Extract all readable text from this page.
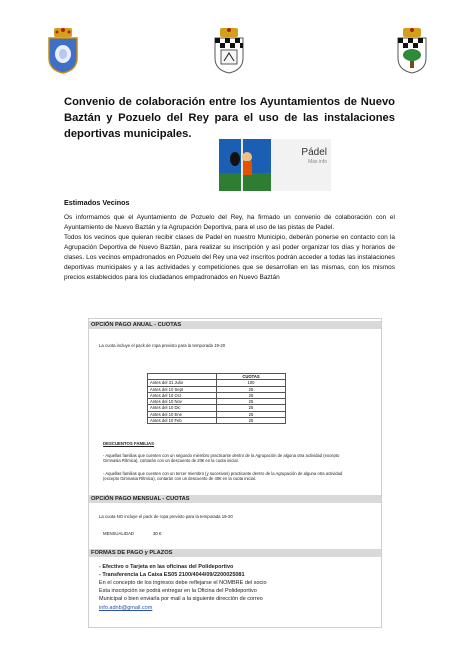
Convenio de colaboración entre los Ayuntamientos de Nuevo Baztán y Pozuelo del Rey para el uso de las instalaciones deportivas municipales.
Pádel
Más info
Estimados Vecinos

Os informamos que el Ayuntamiento de Pozuelo del Rey, ha firmado un convenio de colaboración con el Ayuntamiento de Nuevo Baztán y la Agrupación Deportiva, para el uso de las pistas de Padel.

Todos los vecinos que quieran recibir clases de Padel en nuestro Municipio, deberán ponerse en contacto con la Agrupación Deportiva de Nuevo Baztán, para realizar su inscripción y así poder organizar los días y horarios de clases. Los vecinos empadronados en Pozuelo del Rey una vez inscritos podrán acceder a todas las instalaciones deportivas municipales y a las actividades y competiciones que se desarrollan en las mismas, con los mismos precios establecidos para los ciudadanos empadronados en Nuevo Baztán

OPCIÓN PAGO ANUAL - CUOTAS
La cuota incluye el pack de ropa previsto para la temporada 19-20
	CUOTAS
Antes del 31 Julio	100
Antes del 10 Sept	25
Antes del 10 Oct	25
Antes del 10 Nov	25
Antes del 10 Dic	25
Antes del 10 Ene	25
Antes del 10 Feb	25
DESCUENTOS FAMILIAS
- Aquellas familias que cuenten con un segundo miembro practicante dentro de la Agrupación de alguna otra actividad (excepto Gimnasia Rítmica), contarán con un descuento de 20€ en la cuota inicial.
- Aquellas familias que cuenten con un tercer miembro (y sucesivos) practicante dentro de la Agrupación de alguna otra actividad (excepto Gimnasia Rítmica), contarán con un descuento de 40€ en la cuota inicial.
OPCIÓN PAGO MENSUAL - CUOTAS
La cuota NO incluye el pack de ropa previsto para la temporada 19-20
MENSUALIDAD	30 €
FORMAS DE PAGO y PLAZOS
- Efectivo o Tarjeta en las oficinas del Polideportivo
- Transferencia La Caixa ES05 2100/4044/09/2200025081
En el concepto de los ingresos debe reflejarse el NOMBRE del socio
Esta inscripción se podrá entregar en la Oficina del Polideportivo
Municipal o bien enviarla por mail a la siguiente dirección de correo
info.adnb@gmail.com
